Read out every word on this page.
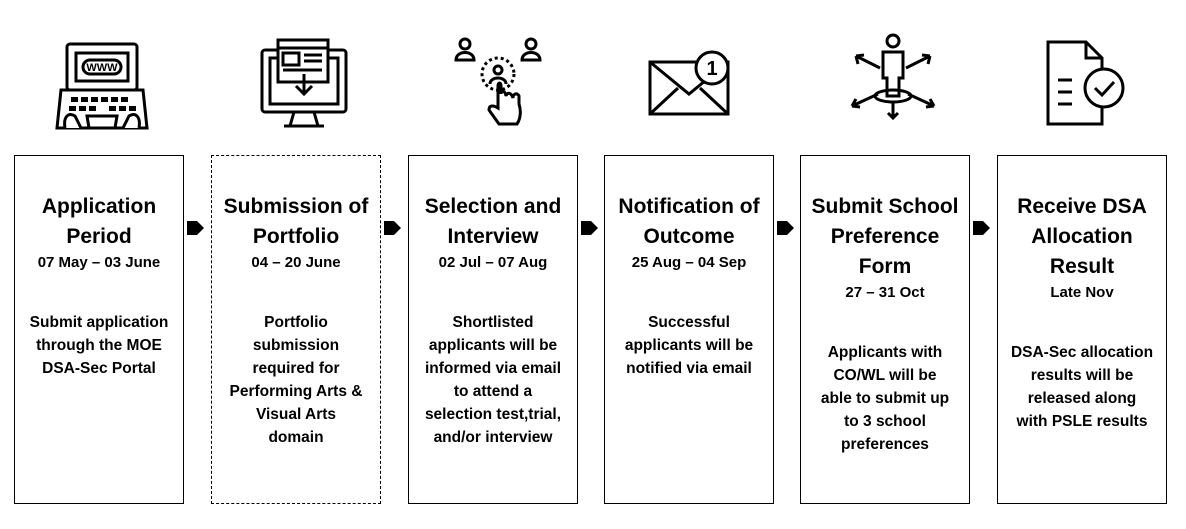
WWW	1
Application
Period
07 May – 03 June
Submit application
through the MOE
DSA-Sec Portal
Submission of
Portfolio
04 – 20 June
Portfolio
submission
required for
Performing Arts &
Visual Arts
domain
Selection and
Interview
02 Jul – 07 Aug
Shortlisted
applicants will be
informed via email
to attend a
selection test,trial,
and/or interview
Notification of
Outcome
25 Aug – 04 Sep
Successful
applicants will be
notified via email
Submit School
Preference
Form
27 – 31 Oct
Applicants with
CO/WL will be
able to submit up
to 3 school
preferences
Receive DSA
Allocation
Result
Late Nov
DSA-Sec allocation
results will be
released along
with PSLE results
